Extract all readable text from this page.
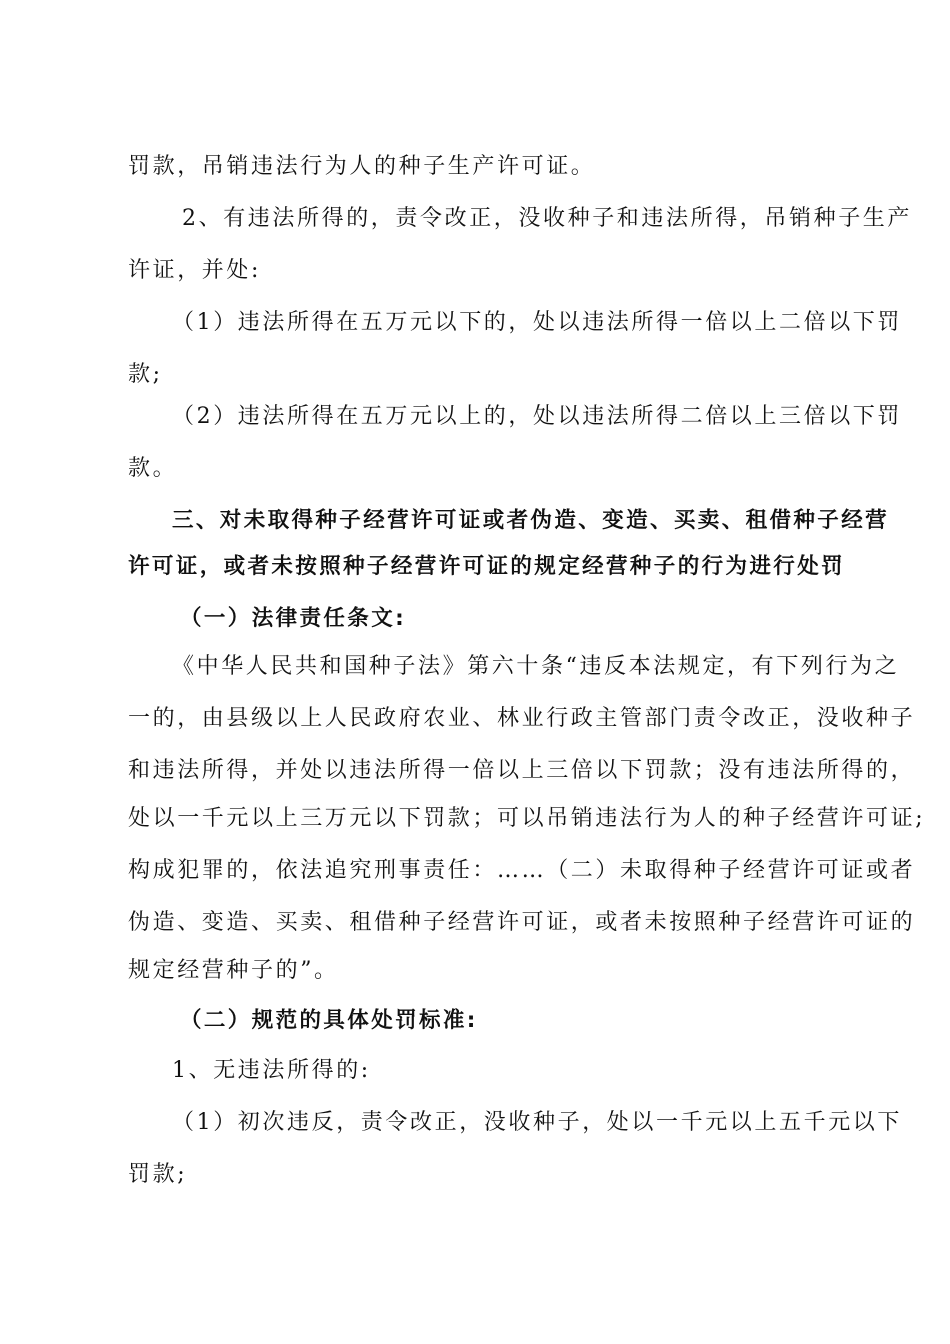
罚款，吊销违法行为人的种子生产许可证。
2、有违法所得的，责令改正，没收种子和违法所得，吊销种子生产
许证，并处:
（1）违法所得在五万元以下的，处以违法所得一倍以上二倍以下罚
款;
（2）违法所得在五万元以上的，处以违法所得二倍以上三倍以下罚
款。
三、对未取得种子经营许可证或者伪造、变造、买卖、租借种子经营
许可证，或者未按照种子经营许可证的规定经营种子的行为进行处罚
（一）法律责任条文:
《中华人民共和国种子法》第六十条“违反本法规定，有下列行为之
一的，由县级以上人民政府农业、林业行政主管部门责令改正，没收种子
和违法所得，并处以违法所得一倍以上三倍以下罚款；没有违法所得的，
处以一千元以上三万元以下罚款；可以吊销违法行为人的种子经营许可证;
构成犯罪的，依法追究刑事责任：……（二）未取得种子经营许可证或者
伪造、变造、买卖、租借种子经营许可证，或者未按照种子经营许可证的
规定经营种子的”。
（二）规范的具体处罚标准:
1、无违法所得的:
（1）初次违反，责令改正，没收种子，处以一千元以上五千元以下
罚款;
